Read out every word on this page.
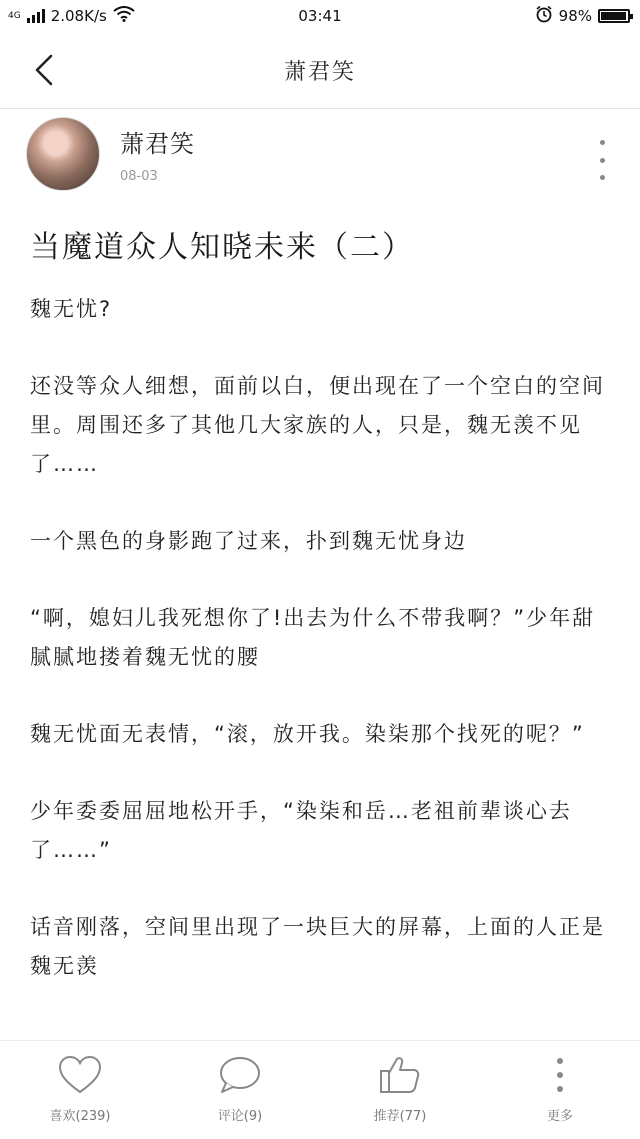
4G 2.08K/s	03:41	98%
萧君笑
萧君笑
08-03
当魔道众人知晓未来（二）

魏无忧?

还没等众人细想，面前以白，便出现在了一个空白的空间里。周围还多了其他几大家族的人，只是，魏无羡不见了……

一个黑色的身影跑了过来，扑到魏无忧身边

“啊，媳妇儿我死想你了!出去为什么不带我啊？”少年甜腻腻地搂着魏无忧的腰

魏无忧面无表情，“滚，放开我。染柒那个找死的呢？”

少年委委屈屈地松开手，“染柒和岳…老祖前辈谈心去了……”

话音刚落，空间里出现了一块巨大的屏幕，上面的人正是魏无羡

喜欢(239)	评论(9)	推荐(77)	更多
